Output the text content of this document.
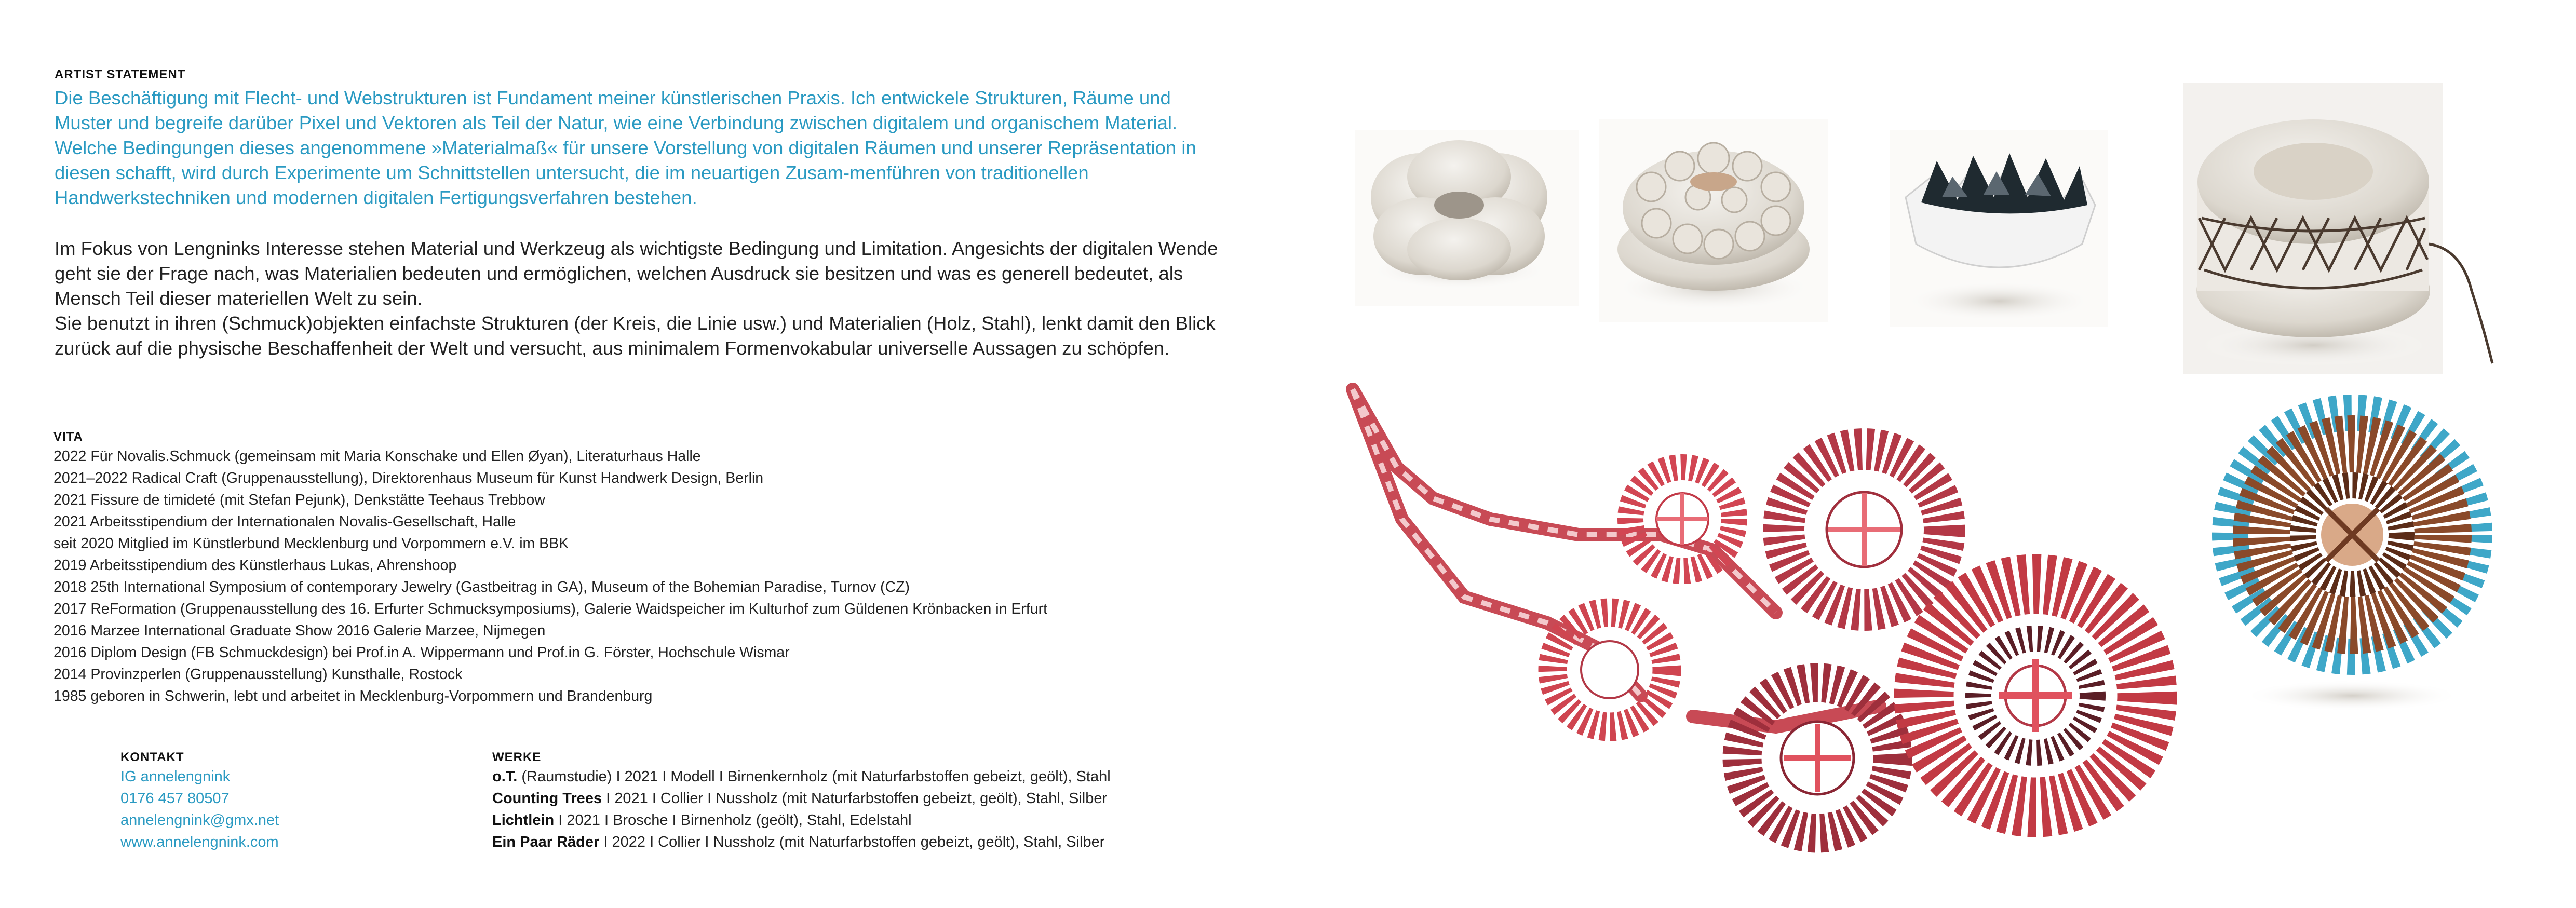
ARTIST STATEMENT
Die Beschäftigung mit Flecht- und Webstrukturen ist Fundament meiner künstlerischen Praxis. Ich entwickele Strukturen, Räume und Muster und begreife darüber Pixel und Vektoren als Teil der Natur, wie eine Verbindung zwischen digitalem und organischem Material. Welche Bedingungen dieses angenommene »Materialmaß« für unsere Vorstellung von digitalen Räumen und unserer Repräsentation in diesen schafft, wird durch Experimente um Schnittstellen untersucht, die im neuartigen Zusam-menführen von traditionellen Handwerkstechniken und modernen digitalen Fertigungsverfahren bestehen.

Im Fokus von Lengninks Interesse stehen Material und Werkzeug als wichtigste Bedingung und Limitation. Angesichts der digitalen Wende geht sie der Frage nach, was Materialien bedeuten und ermöglichen, welchen Ausdruck sie besitzen und was es generell bedeutet, als Mensch Teil dieser materiellen Welt zu sein.

Sie benutzt in ihren (Schmuck)objekten einfachste Strukturen (der Kreis, die Linie usw.) und Materialien (Holz, Stahl), lenkt damit den Blick zurück auf die physische Beschaffenheit der Welt und versucht, aus minimalem Formenvokabular universelle Aussagen zu schöpfen.

VITA
2022 Für Novalis.Schmuck (gemeinsam mit Maria Konschake und Ellen Øyan), Literaturhaus Halle
2021–2022 Radical Craft (Gruppenausstellung), Direktorenhaus Museum für Kunst Handwerk Design, Berlin
2021 Fissure de timideté (mit Stefan Pejunk), Denkstätte Teehaus Trebbow
2021 Arbeitsstipendium der Internationalen Novalis-Gesellschaft, Halle
seit 2020 Mitglied im Künstlerbund Mecklenburg und Vorpommern e.V. im BBK
2019 Arbeitsstipendium des Künstlerhaus Lukas, Ahrenshoop
2018 25th International Symposium of contemporary Jewelry (Gastbeitrag in GA), Museum of the Bohemian Paradise, Turnov (CZ)
2017 ReFormation (Gruppenausstellung des 16. Erfurter Schmucksymposiums), Galerie Waidspeicher im Kulturhof zum Güldenen Krönbacken in Erfurt
2016 Marzee International Graduate Show 2016 Galerie Marzee, Nijmegen
2016 Diplom Design (FB Schmuckdesign) bei Prof.in A. Wippermann und Prof.in G. Förster, Hochschule Wismar
2014 Provinzperlen (Gruppenausstellung) Kunsthalle, Rostock
1985 geboren in Schwerin, lebt und arbeitet in Mecklenburg-Vorpommern und Brandenburg
KONTAKT
IG annelengnink
0176 457 80507
annelengnink@gmx.net
www.annelengnink.com
WERKE
o.T. (Raumstudie) I 2021 I Modell I Birnenkernholz (mit Naturfarbstoffen gebeizt, geölt), Stahl
Counting Trees I 2021 I Collier I Nussholz (mit Naturfarbstoffen gebeizt, geölt), Stahl, Silber
Lichtlein I 2021 I Brosche I Birnenholz (geölt), Stahl, Edelstahl
Ein Paar Räder I 2022 I Collier I Nussholz (mit Naturfarbstoffen gebeizt, geölt), Stahl, Silber
